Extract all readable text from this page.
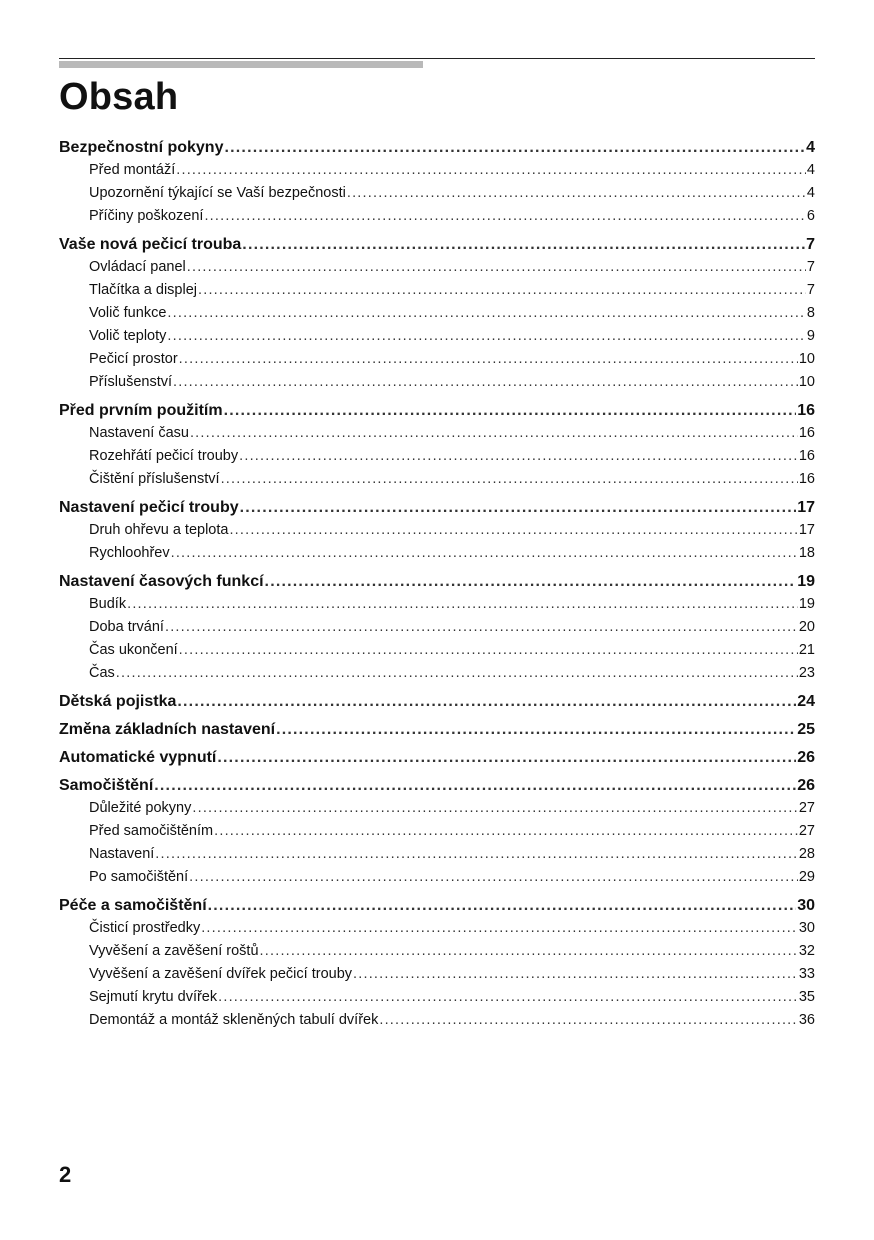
Obsah
Bezpečnostní pokyny .....	4
Před montáží .....	4
Upozornění týkající se Vaší bezpečnosti .....	4
Příčiny poškození .....	6
Vaše nová pečicí trouba .....	7
Ovládací panel .....	7
Tlačítka a displej .....	7
Volič funkce .....	8
Volič teploty .....	9
Pečicí prostor .....	10
Příslušenství .....	10
Před prvním použitím .....	16
Nastavení času .....	16
Rozehřátí pečicí trouby .....	16
Čištění příslušenství .....	16
Nastavení pečicí trouby .....	17
Druh ohřevu a teplota .....	17
Rychloohřev .....	18
Nastavení časových funkcí .....	19
Budík .....	19
Doba trvání .....	20
Čas ukončení .....	21
Čas .....	23
Dětská pojistka .....	24
Změna základních nastavení .....	25
Automatické vypnutí .....	26
Samočištění .....	26
Důležité pokyny .....	27
Před samočištěním .....	27
Nastavení .....	28
Po samočištění .....	29
Péče a samočištění .....	30
Čisticí prostředky .....	30
Vyvěšení a zavěšení roštů .....	32
Vyvěšení a zavěšení dvířek pečicí trouby .....	33
Sejmutí krytu dvířek .....	35
Demontáž a montáž skleněných tabulí dvířek .....	36
2
